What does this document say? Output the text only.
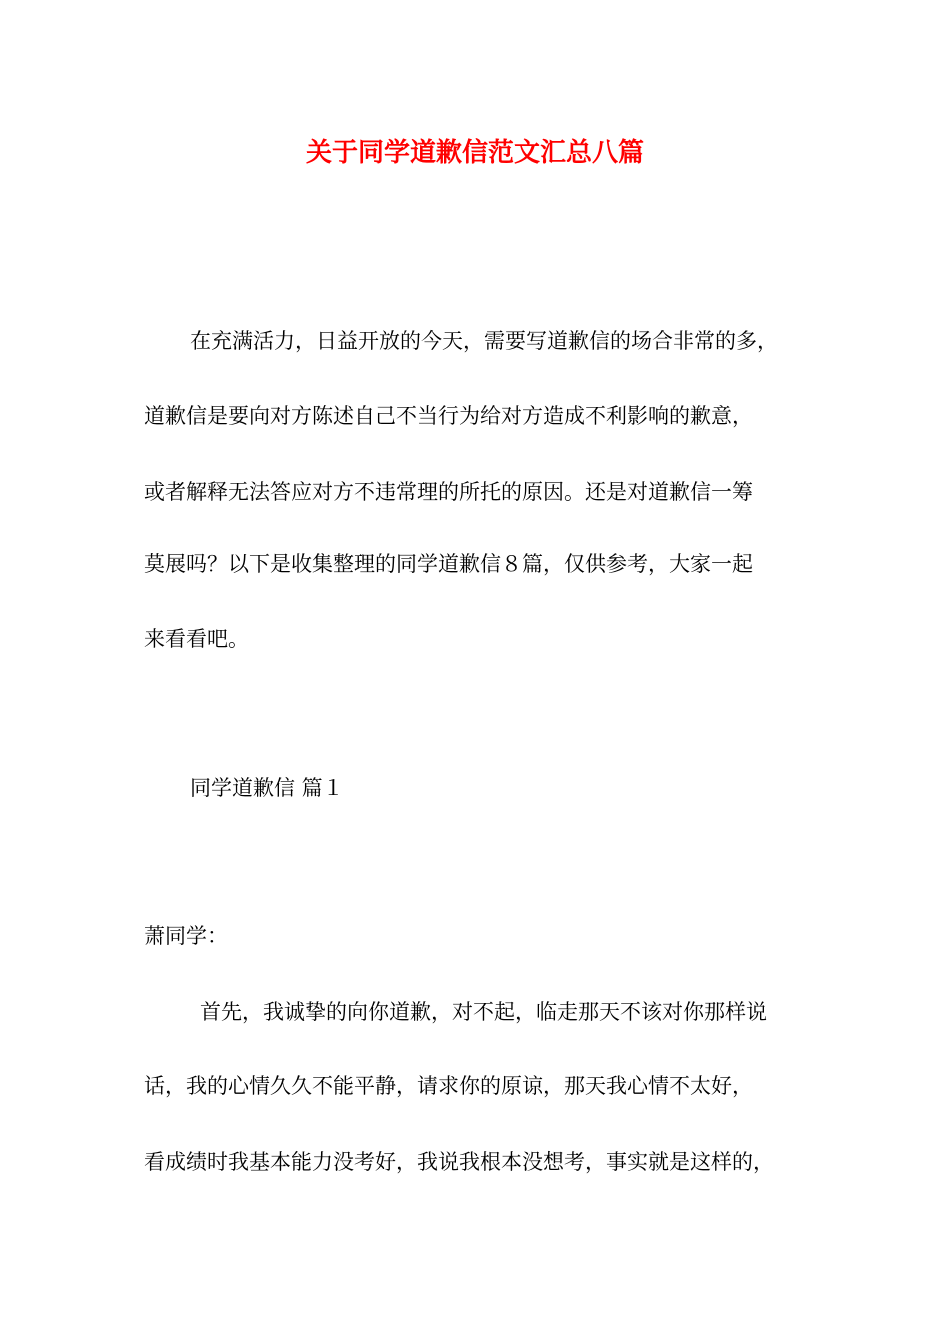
关于同学道歉信范文汇总八篇
在充满活力，日益开放的今天，需要写道歉信的场合非常的多，
道歉信是要向对方陈述自己不当行为给对方造成不利影响的歉意，
或者解释无法答应对方不违常理的所托的原因。还是对道歉信一筹
莫展吗？以下是收集整理的同学道歉信８篇，仅供参考，大家一起
来看看吧。
同学道歉信 篇１
萧同学：
首先，我诚挚的向你道歉，对不起，临走那天不该对你那样说
话，我的心情久久不能平静，请求你的原谅，那天我心情不太好，
看成绩时我基本能力没考好，我说我根本没想考，事实就是这样的，
